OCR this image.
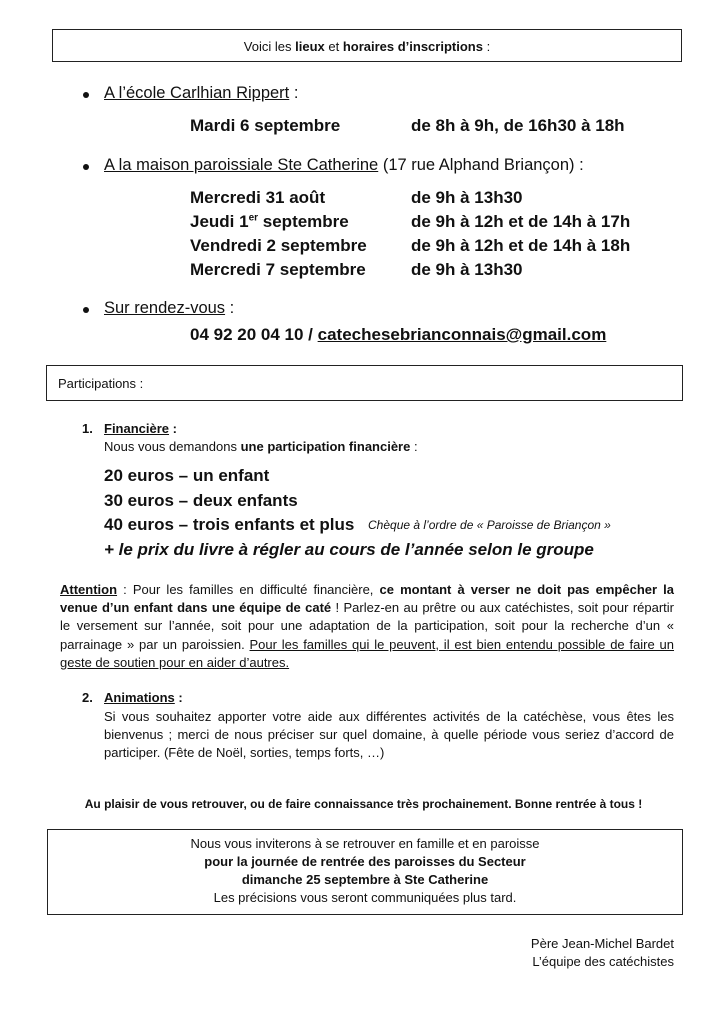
Voici les lieux et horaires d’inscriptions :
A l’école Carlhian Rippert :
Mardi 6 septembre	de 8h à 9h, de 16h30 à 18h
A la maison paroissiale Ste Catherine (17 rue Alphand Briançon) :
Mercredi 31 août	de 9h à 13h30
Jeudi 1er septembre	de 9h à 12h et de 14h à 17h
Vendredi 2 septembre	de 9h à 12h et de 14h à 18h
Mercredi 7 septembre	de 9h à 13h30
Sur rendez-vous :
04 92 20 04 10 / catechesebrianconnais@gmail.com
Participations :
1. Financière :
Nous vous demandons une participation financière :
20 euros – un enfant
30 euros – deux enfants
40 euros – trois enfants et plus Chèque à l’ordre de « Paroisse de Briançon »
+ le prix du livre à régler au cours de l’année selon le groupe
Attention : Pour les familles en difficulté financière, ce montant à verser ne doit pas empêcher la venue d’un enfant dans une équipe de caté ! Parlez-en au prêtre ou aux catéchistes, soit pour répartir le versement sur l’année, soit pour une adaptation de la participation, soit pour la recherche d’un « parrainage » par un paroissien. Pour les familles qui le peuvent, il est bien entendu possible de faire un geste de soutien pour en aider d’autres.
2. Animations :
Si vous souhaitez apporter votre aide aux différentes activités de la catéchèse, vous êtes les bienvenus ; merci de nous préciser sur quel domaine, à quelle période vous seriez d’accord de participer. (Fête de Noël, sorties, temps forts, …)
Au plaisir de vous retrouver, ou de faire connaissance très prochainement. Bonne rentrée à tous !
Nous vous inviterons à se retrouver en famille et en paroisse
pour la journée de rentrée des paroisses du Secteur
dimanche 25 septembre à Ste Catherine
Les précisions vous seront communiquées plus tard.
Père Jean-Michel Bardet
L’équipe des catéchistes
